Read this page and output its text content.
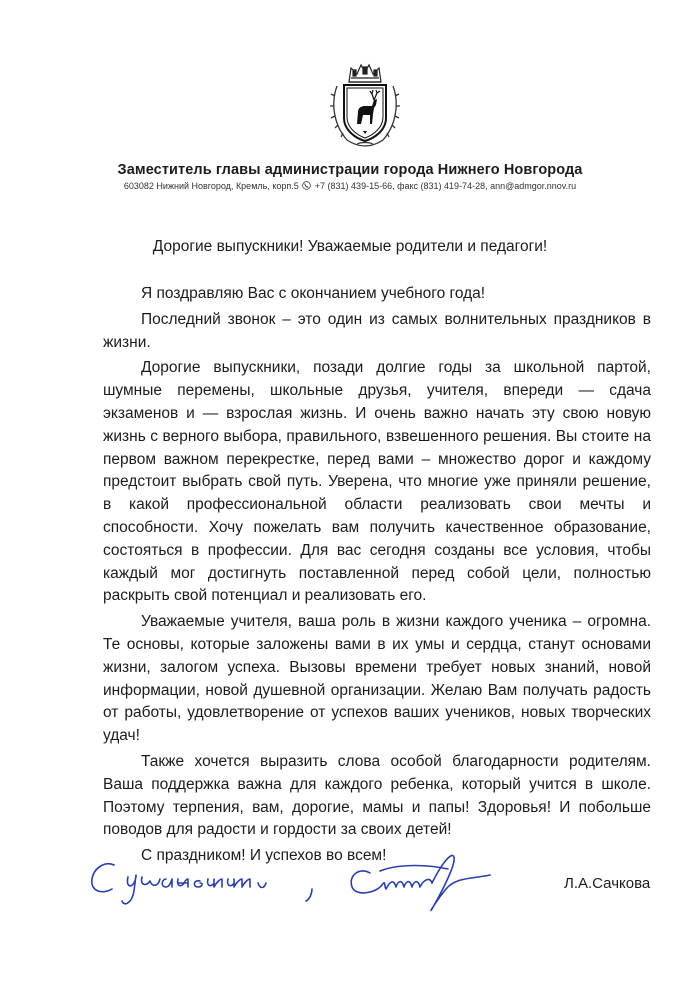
Заместитель главы администрации города Нижнего Новгорода
603082 Нижний Новгород, Кремль, корп.5 +7 (831) 439-15-66, факс (831) 419-74-28, ann@admgor.nnov.ru
Дорогие выпускники! Уважаемые родители и педагоги!

Я поздравляю Вас с окончанием учебного года!

Последний звонок – это один из самых волнительных праздников в жизни.

Дорогие выпускники, позади долгие годы за школьной партой, шумные перемены, школьные друзья, учителя, впереди — сдача экзаменов и — взрослая жизнь. И очень важно начать эту свою новую жизнь с верного выбора, правильного, взвешенного решения. Вы стоите на первом важном перекрестке, перед вами – множество дорог и каждому предстоит выбрать свой путь. Уверена, что многие уже приняли решение, в какой профессиональной области реализовать свои мечты и способности. Хочу пожелать вам получить качественное образование, состояться в профессии. Для вас сегодня созданы все условия, чтобы каждый мог достигнуть поставленной перед собой цели, полностью раскрыть свой потенциал и реализовать его.

Уважаемые учителя, ваша роль в жизни каждого ученика – огромна. Те основы, которые заложены вами в их умы и сердца, станут основами жизни, залогом успеха. Вызовы времени требует новых знаний, новой информации, новой душевной организации. Желаю Вам получать радость от работы, удовлетворение от успехов ваших учеников, новых творческих удач!

Также хочется выразить слова особой благодарности родителям. Ваша поддержка важна для каждого ребенка, который учится в школе. Поэтому терпения, вам, дорогие, мамы и папы! Здоровья! И побольше поводов для радости и гордости за своих детей!

С праздником! И успехов во всем!

Л.А.Сачкова
